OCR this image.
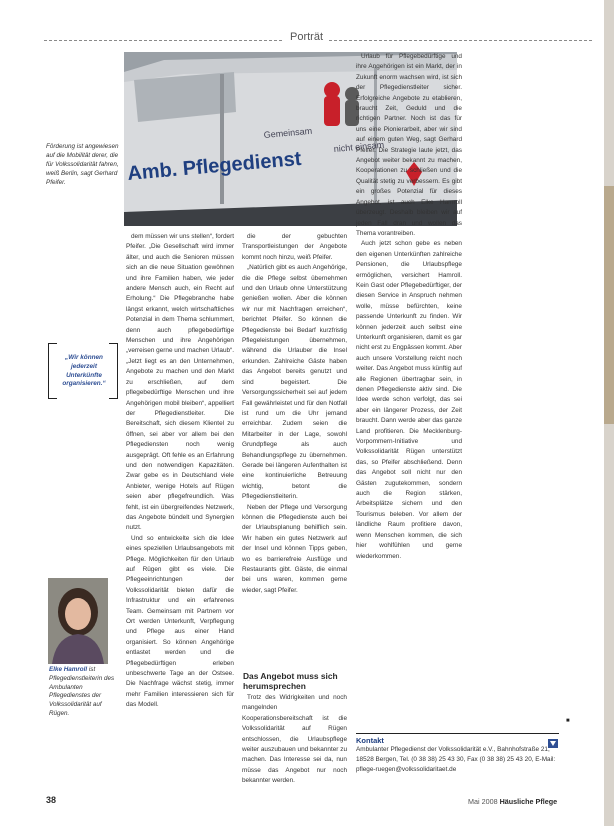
Porträt
nicht einsam
Gemeinsam
Amb. Pflegedienst
Förderung ist angewiesen auf die Mobilität derer, die für Volkssolidarität fahren, weiß Berlin, sagt Gerhard Pfeifer.
„Wir können jederzeit Unterkünfte organisieren.“
Elke Hamroll ist Pflegedienstleiterin des Ambulanten Pflegedienstes der Volkssolidarität auf Rügen.

dem müssen wir uns stellen“, fordert Pfeifer. „Die Gesellschaft wird immer älter, und auch die Senioren müssen sich an die neue Situation gewöhnen und ihre Familien haben, wie jeder andere Mensch auch, ein Recht auf Erholung.“ Die Pflegebranche habe längst erkannt, welch wirtschaftliches Potenzial in dem Thema schlummert, denn auch pflegebedürftige Menschen und ihre Angehörigen „verreisen gerne und machen Urlaub“. „Jetzt liegt es an den Unternehmen, Angebote zu machen und den Markt zu erschließen, auf dem pflegebedürftige Menschen und ihre Angehörigen mobil bleiben“, appelliert der Pflegedienstleiter. Die Bereitschaft, sich diesem Klientel zu öffnen, sei aber vor allem bei den Pflegediensten noch wenig ausgeprägt. Oft fehle es an Erfahrung und den notwendigen Kapazitäten. Zwar gebe es in Deutschland viele Anbieter, wenige Hotels auf Rügen seien aber pflegefreundlich. Was fehlt, ist ein übergreifendes Netzwerk, das Angebote bündelt und Synergien nutzt.

Und so entwickelte sich die Idee eines speziellen Urlaubsangebots mit Pflege. Möglichkeiten für den Urlaub auf Rügen gibt es viele. Die Pflegeeinrichtungen der Volkssolidarität bieten dafür die Infrastruktur und ein erfahrenes Team. Gemeinsam mit Partnern vor Ort werden Unterkunft, Verpflegung und Pflege aus einer Hand organisiert. So können Angehörige entlastet werden und die Pflegebedürftigen erleben unbeschwerte Tage an der Ostsee. Die Nachfrage wächst stetig, immer mehr Familien interessieren sich für das Modell.

die der gebuchten Transportleistungen der Angebote kommt noch hinzu, weiß Pfeifer.

„Natürlich gibt es auch Angehörige, die die Pflege selbst übernehmen und den Urlaub ohne Unterstützung genießen wollen. Aber die können wir nur mit Nachfragen erreichen“, berichtet Pfeifer. So können die Pflegedienste bei Bedarf kurzfristig Pflegeleistungen übernehmen, während die Urlauber die Insel erkunden. Zahlreiche Gäste haben das Angebot bereits genutzt und sind begeistert. Die Versorgungssicherheit sei auf jedem Fall gewährleistet und für den Notfall ist rund um die Uhr jemand erreichbar. Zudem seien die Mitarbeiter in der Lage, sowohl Grundpflege als auch Behandlungspflege zu übernehmen. Gerade bei längeren Aufenthalten ist eine kontinuierliche Betreuung wichtig, betont die Pflegedienstleiterin.

Neben der Pflege und Versorgung können die Pflegedienste auch bei der Urlaubsplanung behilflich sein. Wir haben ein gutes Netzwerk auf der Insel und können Tipps geben, wo es barrierefreie Ausflüge und Restaurants gibt. Gäste, die einmal bei uns waren, kommen gerne wieder, sagt Pfeifer.

Das Angebot muss sich herumsprechen

Trotz des Widrigkeiten und noch mangelnden Kooperationsbereitschaft ist die Volkssolidarität auf Rügen entschlossen, die Urlaubspflege weiter auszubauen und bekannter zu machen. Das Interesse sei da, nun müsse das Angebot nur noch bekannter werden.

Urlaub für Pflegebedürftige und ihre Angehörigen ist ein Markt, der in Zukunft enorm wachsen wird, ist sich der Pflegedienstleiter sicher. Erfolgreiche Angebote zu etablieren, braucht Zeit, Geduld und die richtigen Partner. Noch ist das für uns eine Pionierarbeit, aber wir sind auf einem guten Weg, sagt Gerhard Pfeifer. Die Strategie laute jetzt, das Angebot weiter bekannt zu machen, Kooperationen zu schließen und die Qualität stetig zu verbessern. Es gibt ein großes Potenzial für dieses Angebot, ist auch Elke Hamroll überzeugt. Deshalb bleiben wir auf jeden Fall dran und wollen das Thema vorantreiben.

Auch jetzt schon gebe es neben den eigenen Unterkünften zahlreiche Pensionen, die Urlaubspflege ermöglichen, versichert Hamroll. Kein Gast oder Pflegebedürftiger, der diesen Service in Anspruch nehmen wolle, müsse befürchten, keine passende Unterkunft zu finden. Wir können jederzeit auch selbst eine Unterkunft organisieren, damit es gar nicht erst zu Engpässen kommt. Aber auch unsere Vorstellung reicht noch weiter. Das Angebot muss künftig auf alle Regionen übertragbar sein, in denen Pflegedienste aktiv sind. Die Idee werde schon verfolgt, das sei aber ein längerer Prozess, der Zeit braucht. Dann werde aber das ganze Land profitieren. Die Mecklenburg-Vorpommern-Initiative und Volkssolidarität Rügen unterstützt das, so Pfeifer abschließend. Denn das Angebot soll nicht nur den Gästen zugutekommen, sondern auch die Region stärken, Arbeitsplätze sichern und den Tourismus beleben. Vor allem der ländliche Raum profitiere davon, wenn Menschen kommen, die sich hier wohlfühlen und gerne wiederkommen.

■
Kontakt
Ambulanter Pflegedienst der Volkssolidarität e.V., Bahnhofstraße 21, 18528 Bergen, Tel. (0 38 38) 25 43 30, Fax (0 38 38) 25 43 20, E-Mail: pflege-ruegen@volkssolidaritaet.de
38	Mai 2008 Häusliche Pflege
